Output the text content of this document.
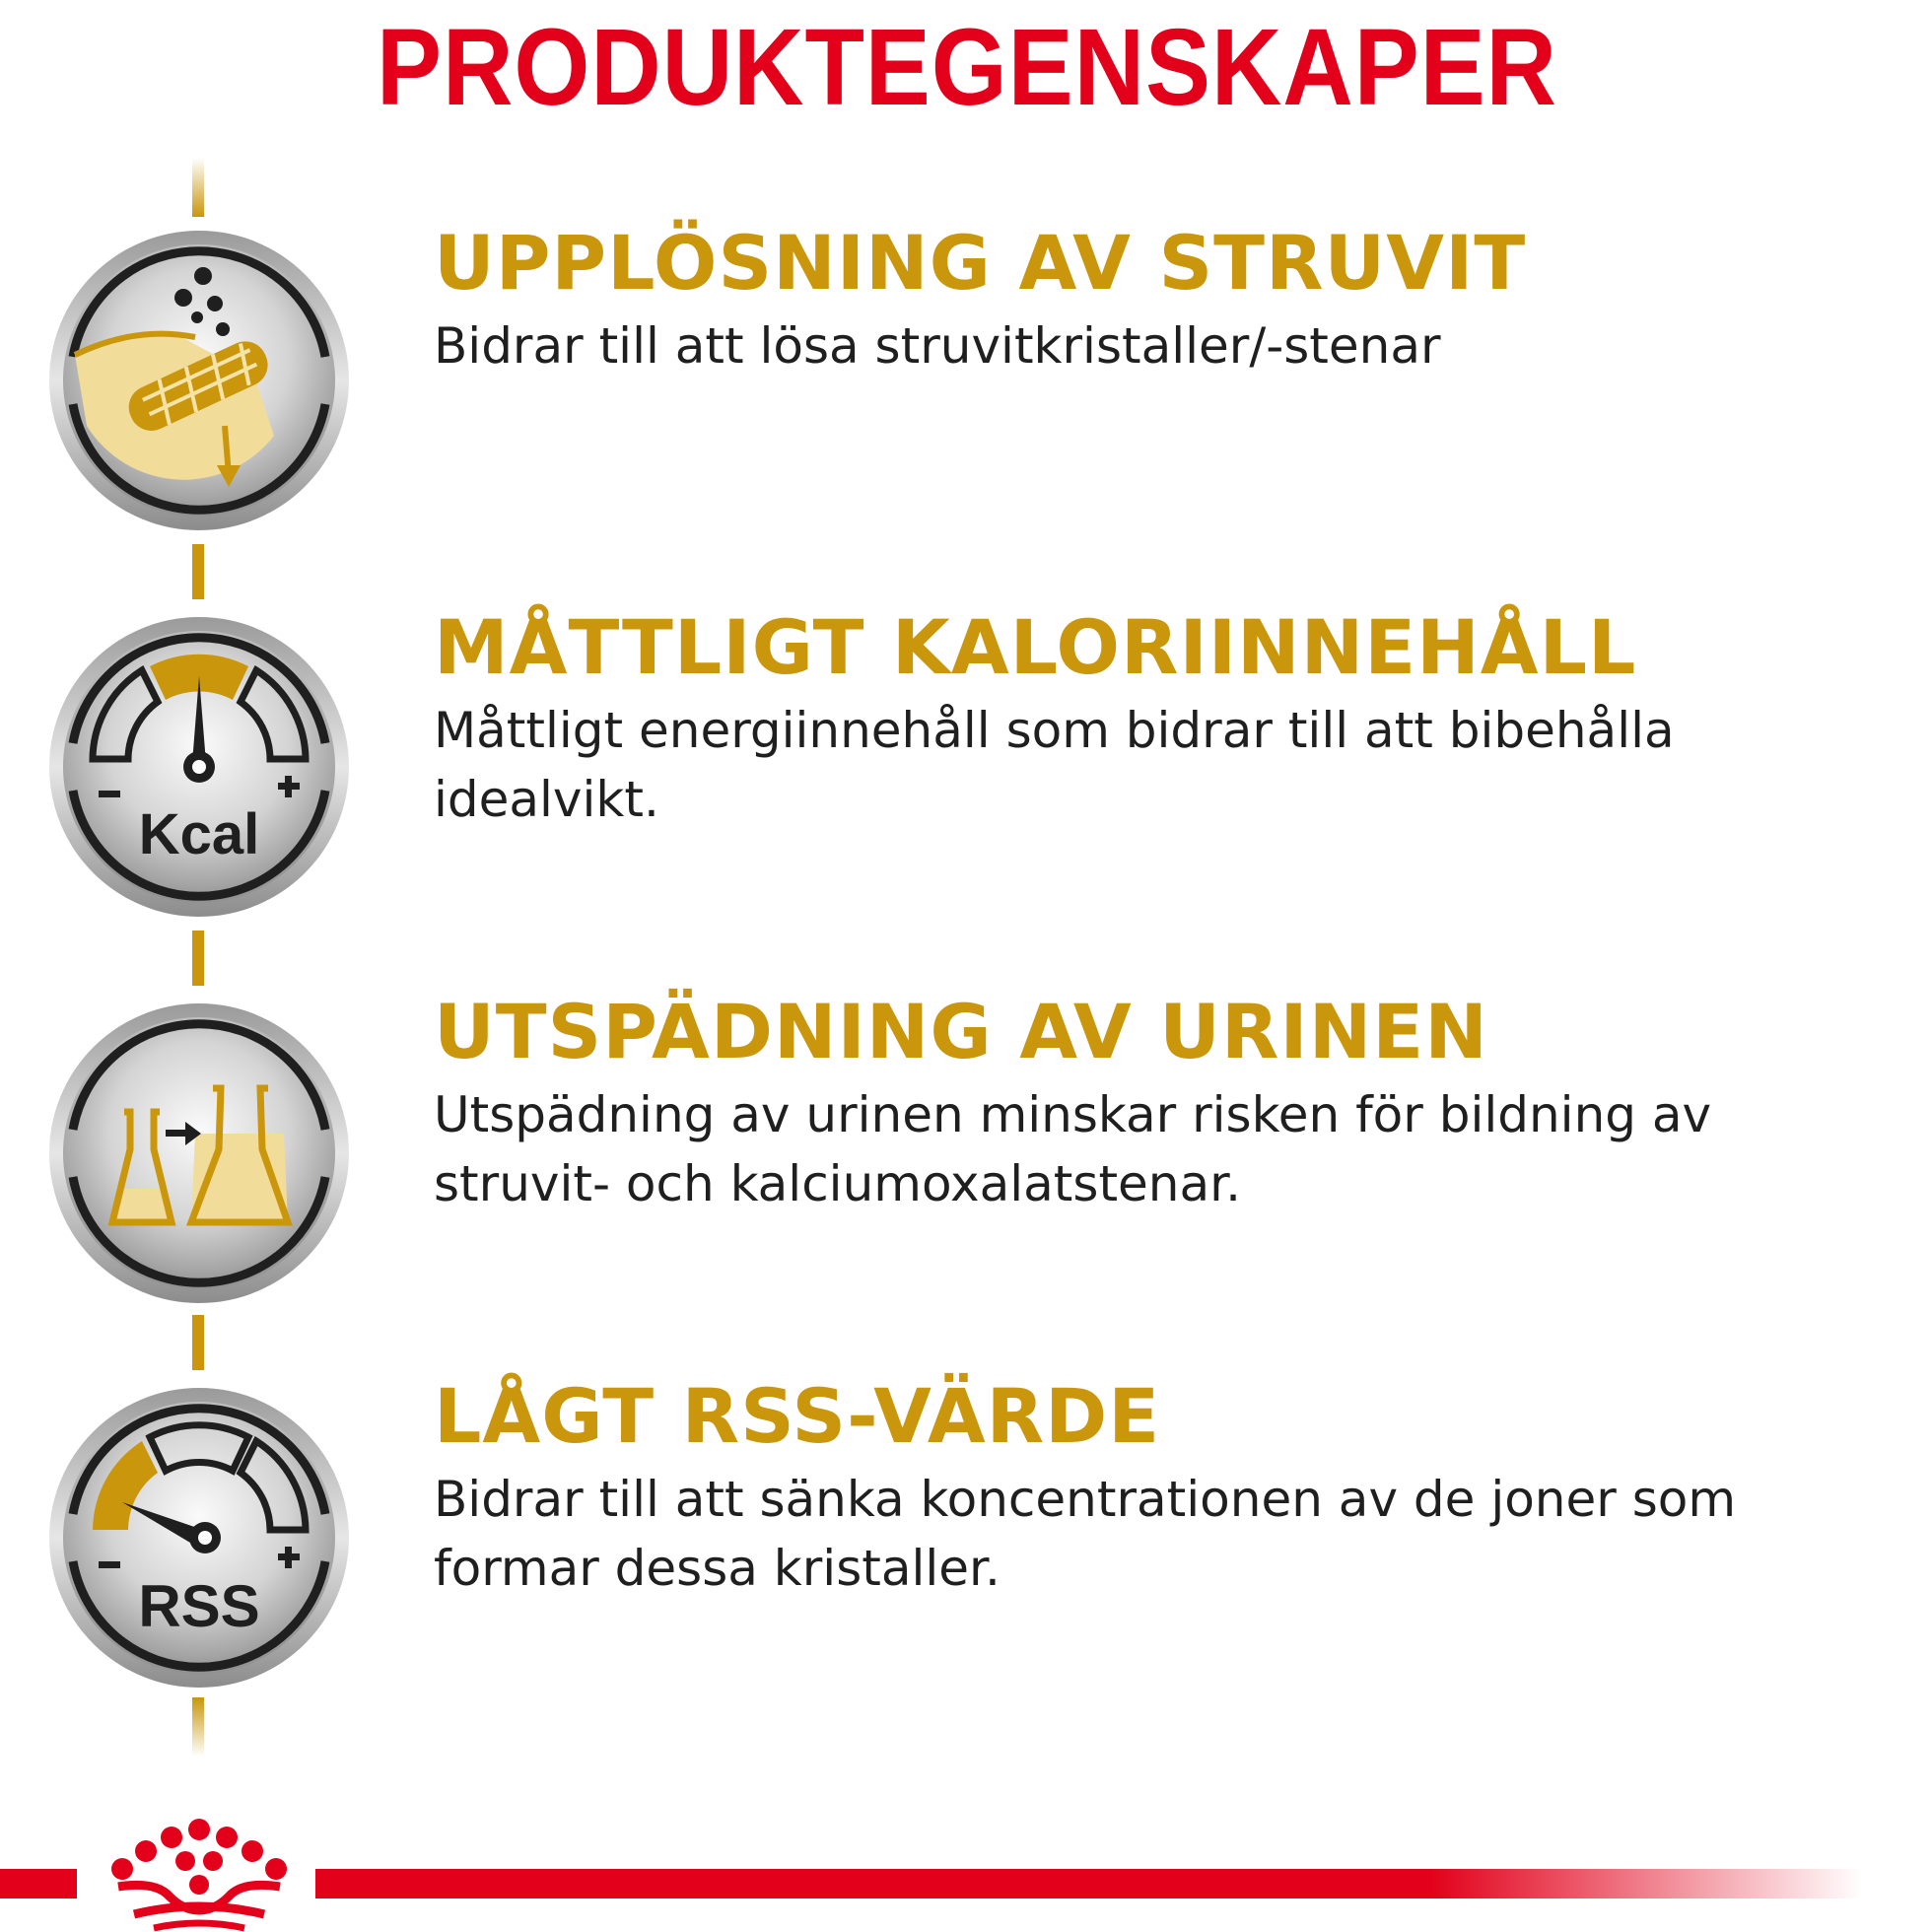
PRODUKTEGENSKAPER
UPPLÖSNING AV STRUVIT
Bidrar till att lösa struvitkristaller/-stenar
Kcal
MÅTTLIGT KALORIINNEHÅLL
Måttligt energiinnehåll som bidrar till att bibehålla idealvikt.
UTSPÄDNING AV URINEN
Utspädning av urinen minskar risken för bildning av struvit- och kalciumoxalatstenar.
RSS
LÅGT RSS-VÄRDE
Bidrar till att sänka koncentrationen av de joner som formar dessa kristaller.
